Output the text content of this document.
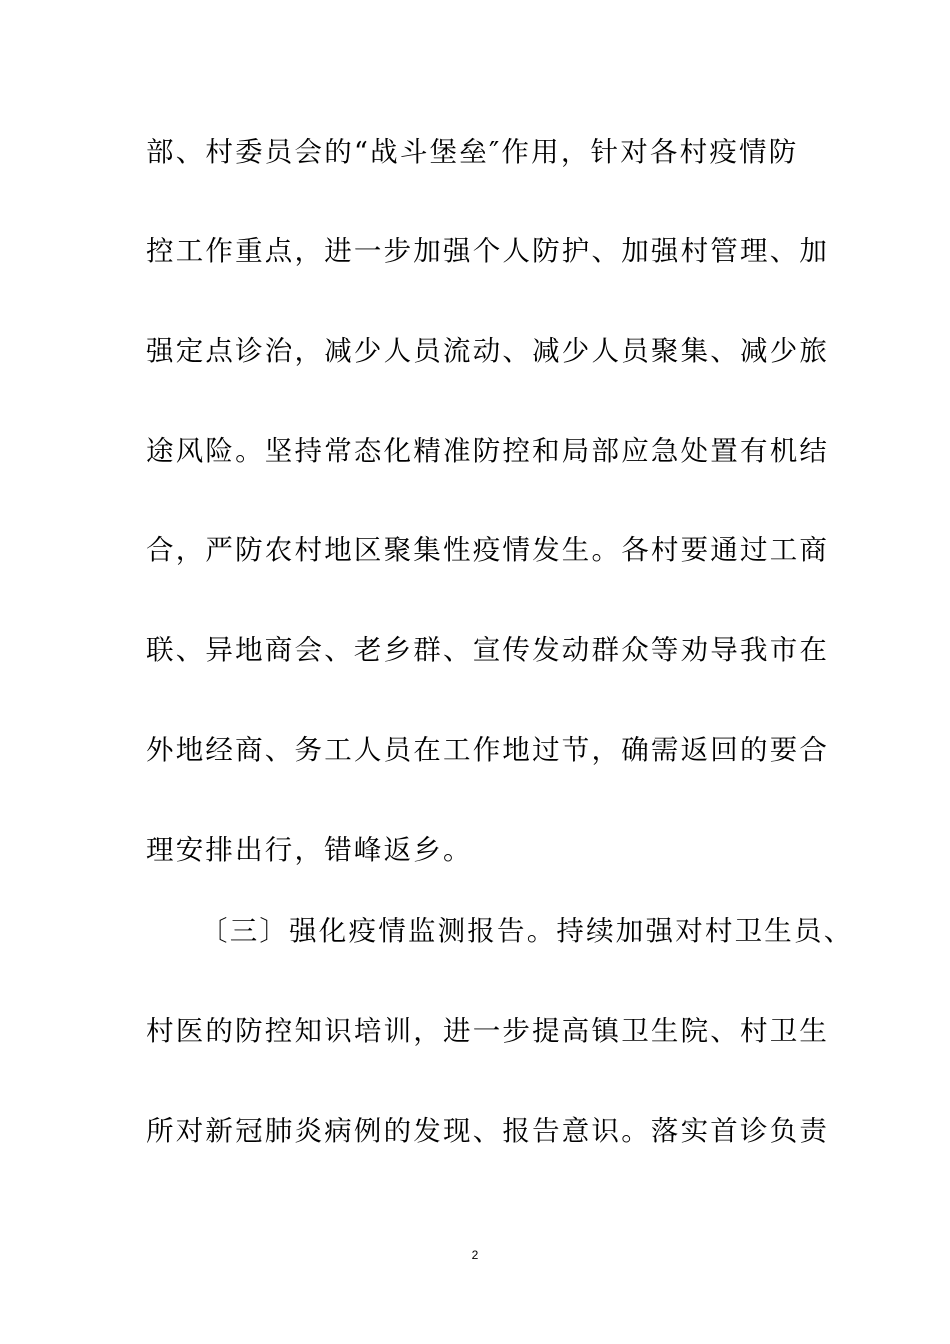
部、村委员会的“战斗堡垒″作用，针对各村疫情防
控工作重点，进一步加强个人防护、加强村管理、加
强定点诊治，减少人员流动、减少人员聚集、减少旅
途风险。坚持常态化精准防控和局部应急处置有机结
合，严防农村地区聚集性疫情发生。各村要通过工商
联、异地商会、老乡群、宣传发动群众等劝导我市在
外地经商、务工人员在工作地过节，确需返回的要合
理安排出行，错峰返乡。
〔三〕强化疫情监测报告。持续加强对村卫生员、
村医的防控知识培训，进一步提高镇卫生院、村卫生
所对新冠肺炎病例的发现、报告意识。落实首诊负责
2
